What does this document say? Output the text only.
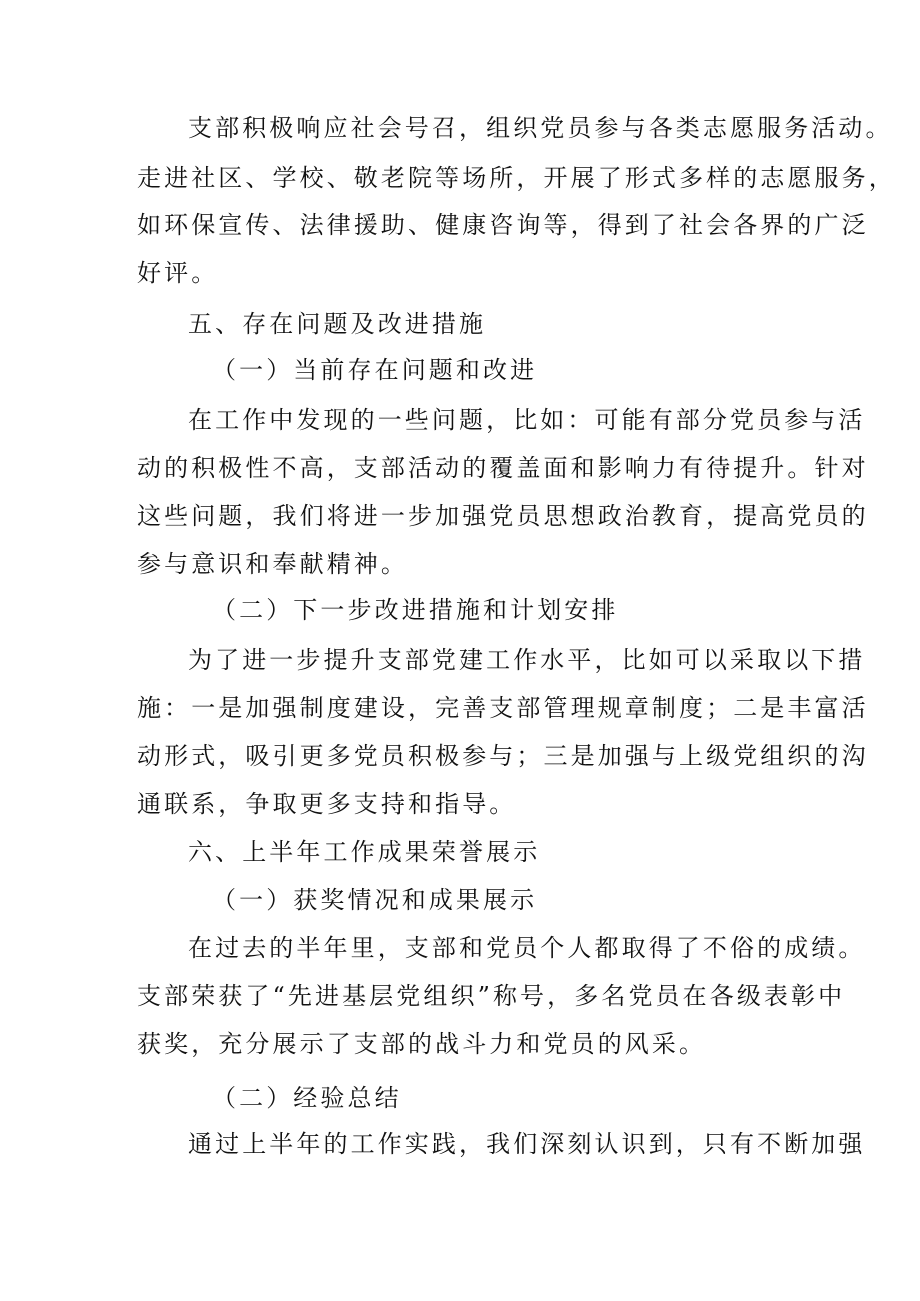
支部积极响应社会号召，组织党员参与各类志愿服务活动。
走进社区、学校、敬老院等场所，开展了形式多样的志愿服务，
如环保宣传、法律援助、健康咨询等，得到了社会各界的广泛
好评。
五、存在问题及改进措施
（一）当前存在问题和改进
在工作中发现的一些问题，比如：可能有部分党员参与活
动的积极性不高，支部活动的覆盖面和影响力有待提升。针对
这些问题，我们将进一步加强党员思想政治教育，提高党员的
参与意识和奉献精神。
（二）下一步改进措施和计划安排
为了进一步提升支部党建工作水平，比如可以采取以下措
施：一是加强制度建设，完善支部管理规章制度；二是丰富活
动形式，吸引更多党员积极参与；三是加强与上级党组织的沟
通联系，争取更多支持和指导。
六、上半年工作成果荣誉展示
（一）获奖情况和成果展示
在过去的半年里，支部和党员个人都取得了不俗的成绩。
支部荣获了“先进基层党组织”称号，多名党员在各级表彰中
获奖，充分展示了支部的战斗力和党员的风采。
（二）经验总结
通过上半年的工作实践，我们深刻认识到，只有不断加强
